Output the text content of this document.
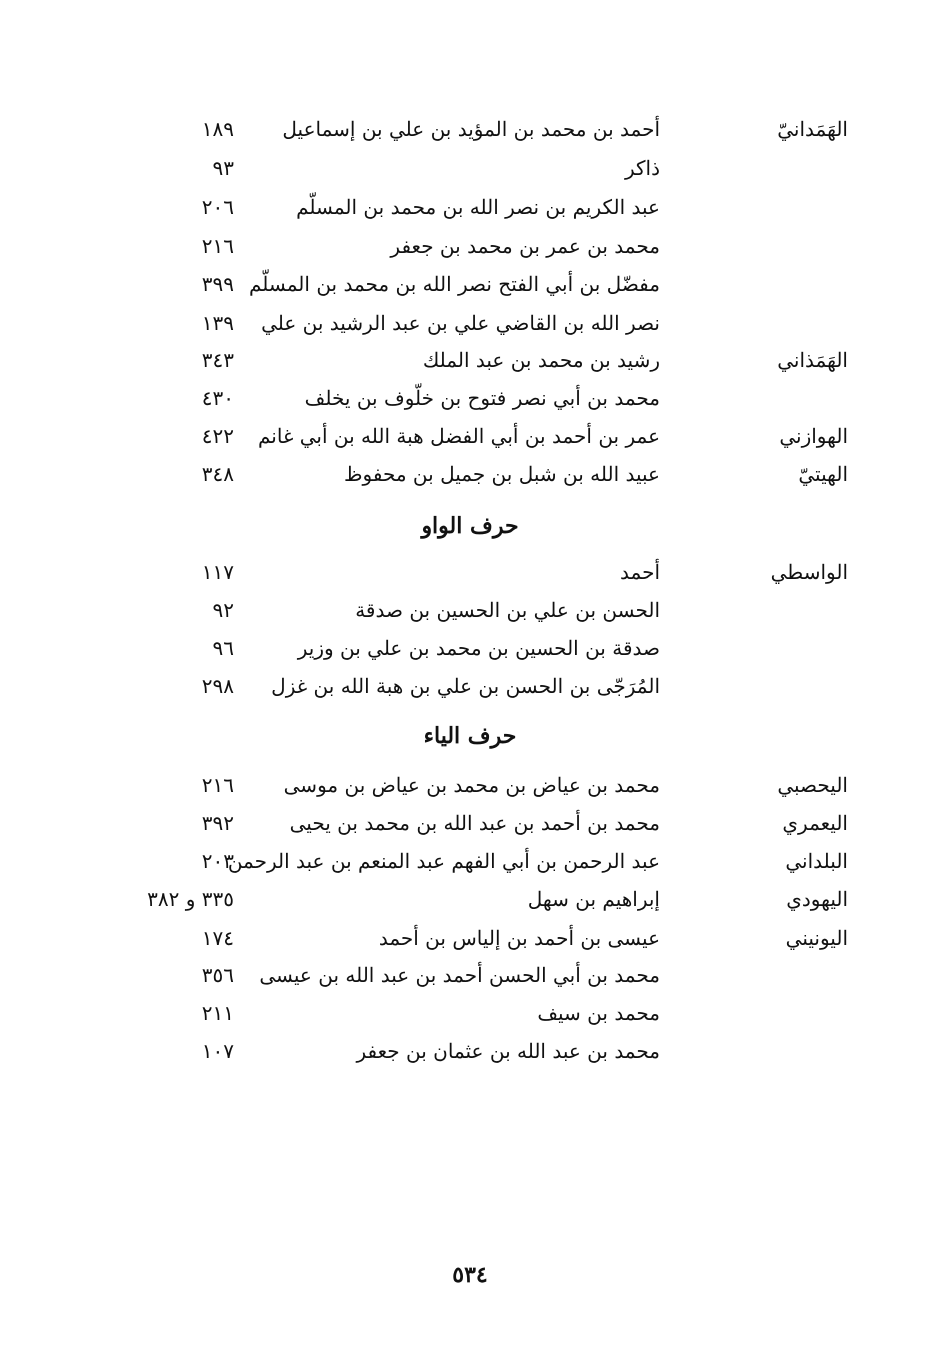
الهَمَدانيّ
أحمد بن محمد بن المؤيد بن علي بن إسماعيل
١٨٩
ذاكر
٩٣
عبد الكريم بن نصر الله بن محمد بن المسلّم
٢٠٦
محمد بن عمر بن محمد بن جعفر
٢١٦
مفضّل بن أبي الفتح نصر الله بن محمد بن المسلّم
٣٩٩
نصر الله بن القاضي علي بن عبد الرشيد بن علي
١٣٩
الهَمَذاني
رشيد بن محمد بن عبد الملك
٣٤٣
محمد بن أبي نصر فتوح بن خلّوف بن يخلف
٤٣٠
الهوازني
عمر بن أحمد بن أبي الفضل هبة الله بن أبي غانم
٤٢٢
الهيتيّ
عبيد الله بن شبل بن جميل بن محفوظ
٣٤٨
حرف الواو
الواسطي
أحمد
١١٧
الحسن بن علي بن الحسين بن صدقة
٩٢
صدقة بن الحسين بن محمد بن علي بن وزير
٩٦
المُرَجّى بن الحسن بن علي بن هبة الله بن غزل
٢٩٨
حرف الياء
اليحصبي
محمد بن عياض بن محمد بن عياض بن موسى
٢١٦
اليعمري
محمد بن أحمد بن عبد الله بن محمد بن يحيى
٣٩٢
البلداني
عبد الرحمن بن أبي الفهم عبد المنعم بن عبد الرحمن
٢٠٣
اليهودي
إبراهيم بن سهل
٣٣٥ و ٣٨٢
اليونيني
عيسى بن أحمد بن إلياس بن أحمد
١٧٤
محمد بن أبي الحسن أحمد بن عبد الله بن عيسى
٣٥٦
محمد بن سيف
٢١١
محمد بن عبد الله بن عثمان بن جعفر
١٠٧
٥٣٤
